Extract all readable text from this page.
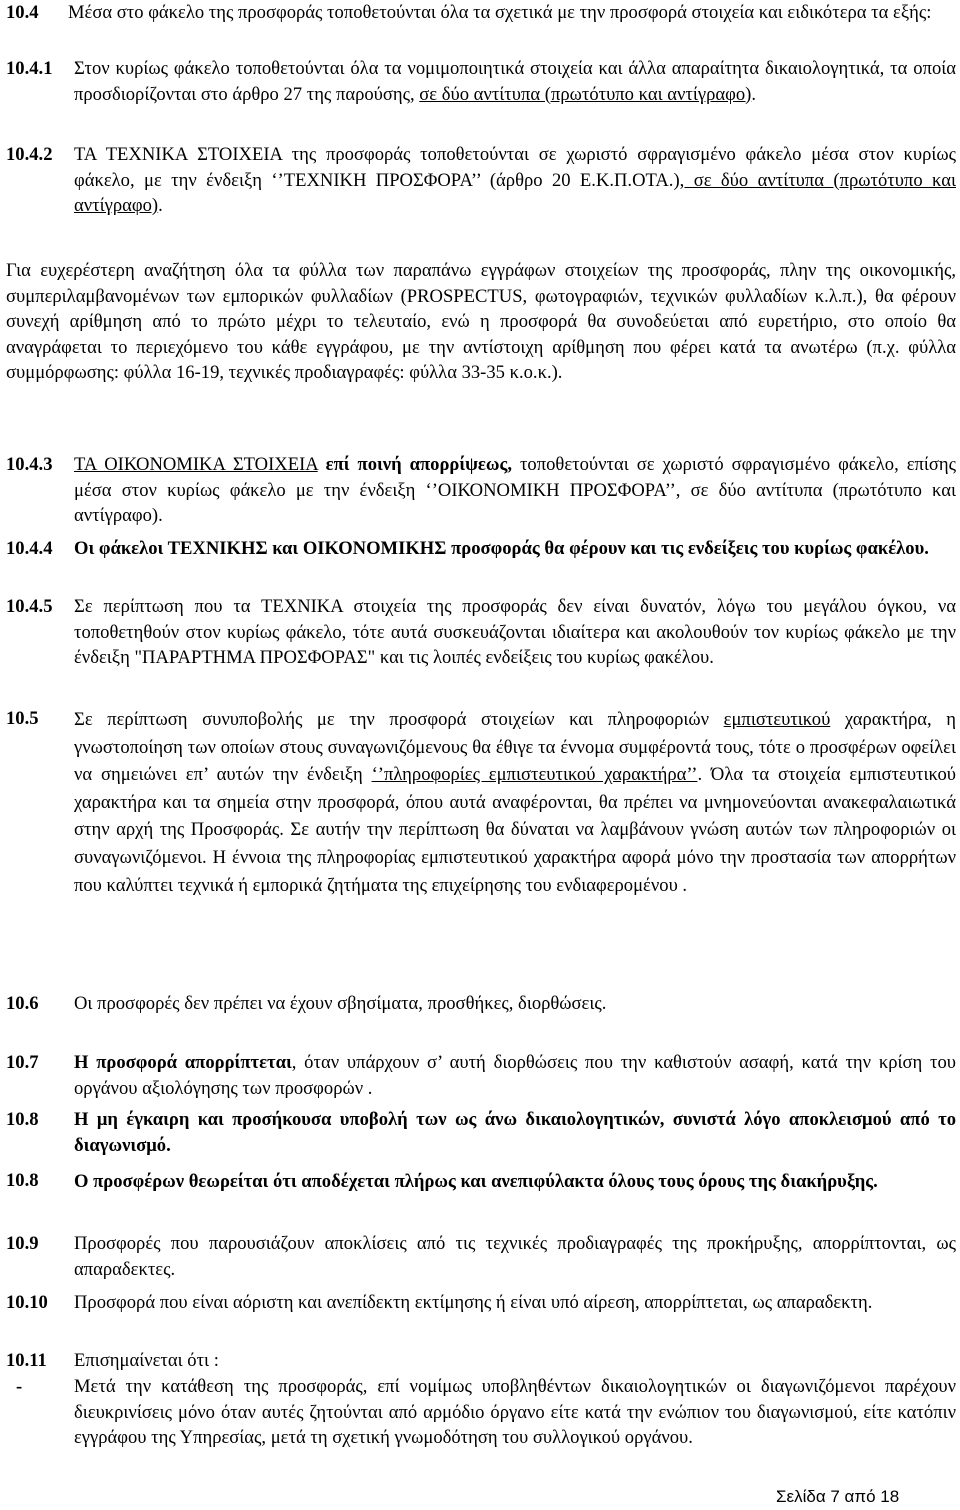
10.4 Μέσα στο φάκελο της προσφοράς τοποθετούνται όλα τα σχετικά με την προσφορά στοιχεία και ειδικότερα τα εξής:
10.4.1 Στον κυρίως φάκελο τοποθετούνται όλα τα νομιμοποιητικά στοιχεία και άλλα απαραίτητα δικαιολογητικά, τα οποία προσδιορίζονται στο άρθρο 27 της παρούσης, σε δύο αντίτυπα (πρωτότυπο και αντίγραφο).
10.4.2 ΤΑ ΤΕΧΝΙΚΑ ΣΤΟΙΧΕΙΑ της προσφοράς τοποθετούνται σε χωριστό σφραγισμένο φάκελο μέσα στον κυρίως φάκελο, με την ένδειξη ‘’ΤΕΧΝΙΚΗ ΠΡΟΣΦΟΡΑ’’ (άρθρο 20 Ε.Κ.Π.ΟΤΑ.), σε δύο αντίτυπα (πρωτότυπο και αντίγραφο).
Για ευχερέστερη αναζήτηση όλα τα φύλλα των παραπάνω εγγράφων στοιχείων της προσφοράς, πλην της οικονομικής, συμπεριλαμβανομένων των εμπορικών φυλλαδίων (PROSPECTUS, φωτογραφιών, τεχνικών φυλλαδίων κ.λ.π.), θα φέρουν συνεχή αρίθμηση από το πρώτο μέχρι το τελευταίο, ενώ η προσφορά θα συνοδεύεται από ευρετήριο, στο οποίο θα αναγράφεται το περιεχόμενο του κάθε εγγράφου, με την αντίστοιχη αρίθμηση που φέρει κατά τα ανωτέρω (π.χ. φύλλα συμμόρφωσης: φύλλα 16-19, τεχνικές προδιαγραφές: φύλλα 33-35 κ.ο.κ.).
10.4.3 ΤΑ ΟΙΚΟΝΟΜΙΚΑ ΣΤΟΙΧΕΙΑ επί ποινή απορρίψεως, τοποθετούνται σε χωριστό σφραγισμένο φάκελο, επίσης μέσα στον κυρίως φάκελο με την ένδειξη ‘’ΟΙΚΟΝΟΜΙΚΗ ΠΡΟΣΦΟΡΑ’’, σε δύο αντίτυπα (πρωτότυπο και αντίγραφο).
10.4.4 Οι φάκελοι ΤΕΧΝΙΚΗΣ και ΟΙΚΟΝΟΜΙΚΗΣ προσφοράς θα φέρουν και τις ενδείξεις του κυρίως φακέλου.
10.4.5 Σε περίπτωση που τα ΤΕΧΝΙΚΑ στοιχεία της προσφοράς δεν είναι δυνατόν, λόγω του μεγάλου όγκου, να τοποθετηθούν στον κυρίως φάκελο, τότε αυτά συσκευάζονται ιδιαίτερα και ακολουθούν τον κυρίως φάκελο με την ένδειξη "ΠΑΡΑΡΤΗΜΑ ΠΡΟΣΦΟΡΑΣ" και τις λοιπές ενδείξεις του κυρίως φακέλου.
10.5 Σε περίπτωση συνυποβολής με την προσφορά στοιχείων και πληροφοριών εμπιστευτικού χαρακτήρα, η γνωστοποίηση των οποίων στους συναγωνιζόμενους θα έθιγε τα έννομα συμφέροντά τους, τότε ο προσφέρων οφείλει να σημειώνει επ’ αυτών την ένδειξη ‘’πληροφορίες εμπιστευτικού χαρακτήρα’’. Όλα τα στοιχεία εμπιστευτικού χαρακτήρα και τα σημεία στην προσφορά, όπου αυτά αναφέρονται, θα πρέπει να μνημονεύονται ανακεφαλαιωτικά στην αρχή της Προσφοράς. Σε αυτήν την περίπτωση θα δύναται να λαμβάνουν γνώση αυτών των πληροφοριών οι συναγωνιζόμενοι. Η έννοια της πληροφορίας εμπιστευτικού χαρακτήρα αφορά μόνο την προστασία των απορρήτων που καλύπτει τεχνικά ή εμπορικά ζητήματα της επιχείρησης του ενδιαφερομένου .
10.6 Οι προσφορές δεν πρέπει να έχουν σβησίματα, προσθήκες, διορθώσεις.
10.7 Η προσφορά απορρίπτεται, όταν υπάρχουν σ’ αυτή διορθώσεις που την καθιστούν ασαφή, κατά την κρίση του οργάνου αξιολόγησης των προσφορών .
10.8 Η μη έγκαιρη και προσήκουσα υποβολή των ως άνω δικαιολογητικών, συνιστά λόγο αποκλεισμού από το διαγωνισμό.
10.8 Ο προσφέρων θεωρείται ότι αποδέχεται πλήρως και ανεπιφύλακτα όλους τους όρους της διακήρυξης.
10.9 Προσφορές που παρουσιάζουν αποκλίσεις από τις τεχνικές προδιαγραφές της προκήρυξης, απορρίπτονται, ως απαραδεκτες.
10.10 Προσφορά που είναι αόριστη και ανεπίδεκτη εκτίμησης ή είναι υπό αίρεση, απορρίπτεται, ως απαραδεκτη.
10.11 Επισημαίνεται ότι :
-	Μετά την κατάθεση της προσφοράς, επί νομίμως υποβληθέντων δικαιολογητικών οι διαγωνιζόμενοι παρέχουν διευκρινίσεις μόνο όταν αυτές ζητούνται από αρμόδιο όργανο είτε κατά την ενώπιον του διαγωνισμού, είτε κατόπιν εγγράφου της Υπηρεσίας, μετά τη σχετική γνωμοδότηση του συλλογικού οργάνου.
Σελίδα 7 από 18
